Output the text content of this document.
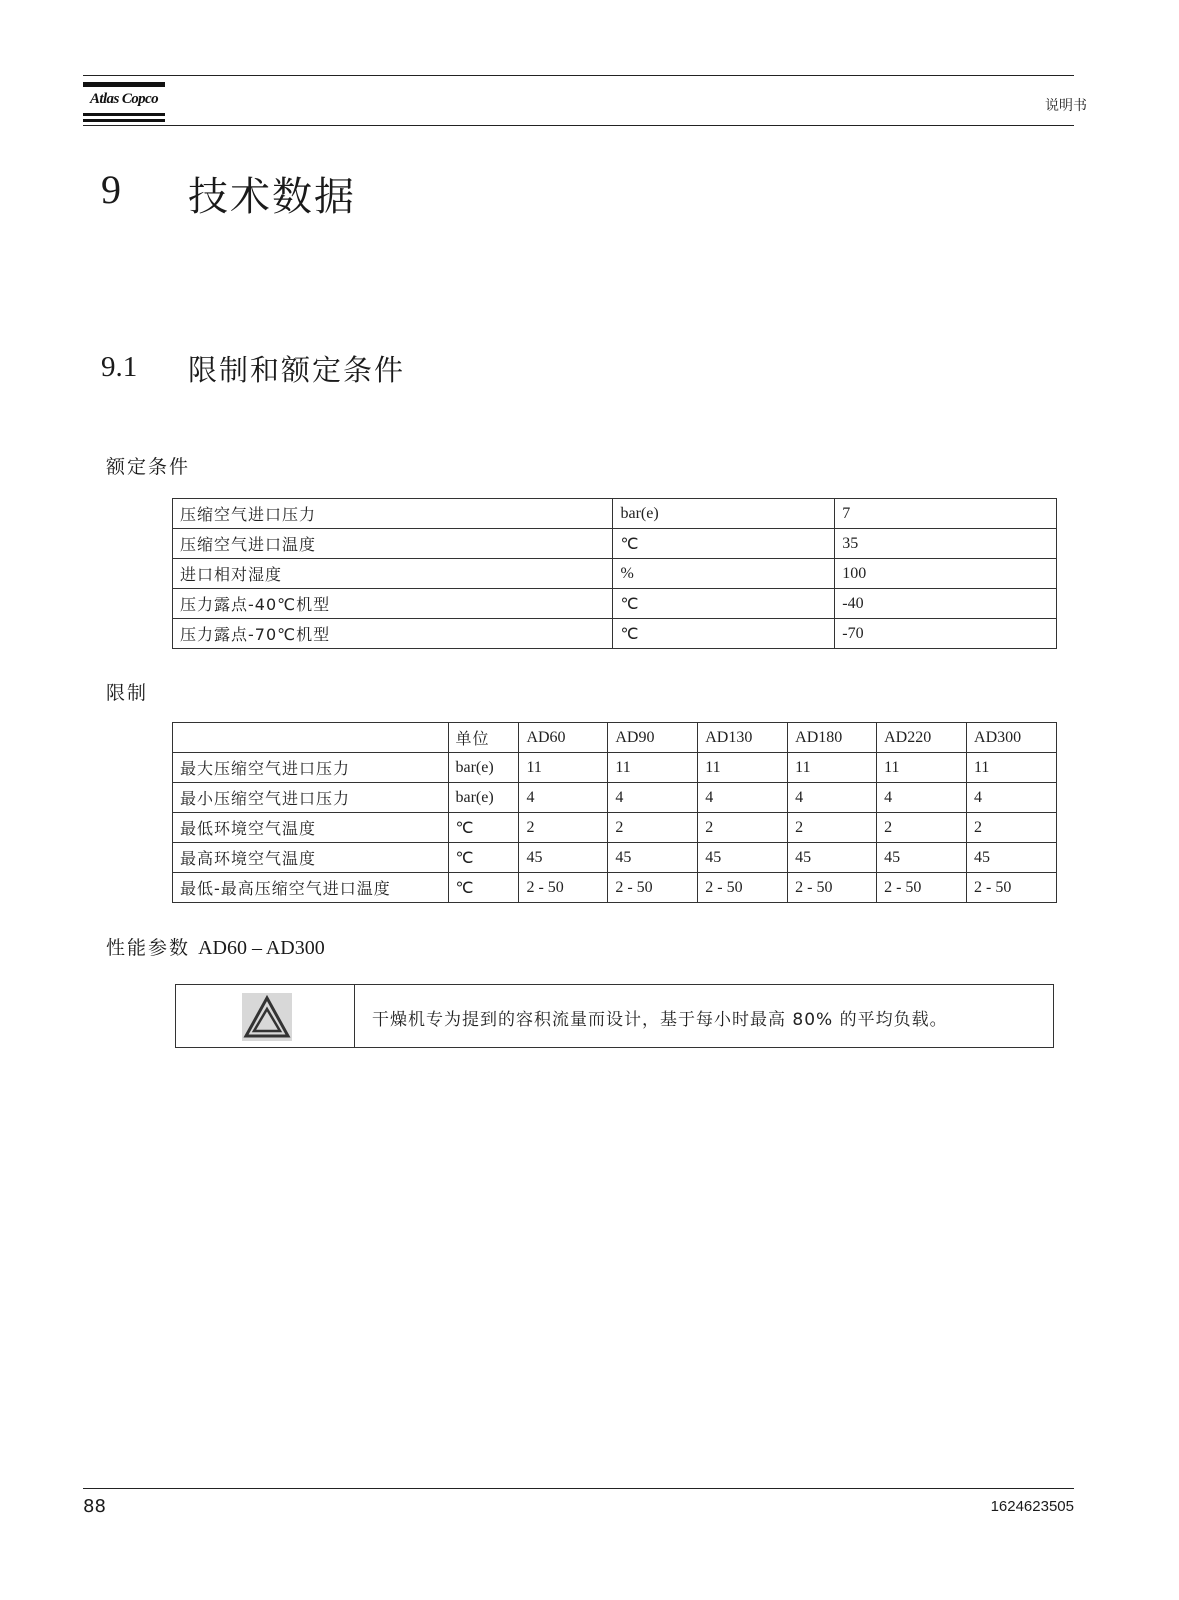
Atlas Copco	说明书
9 技术数据
9.1 限制和额定条件
额定条件
压缩空气进口压力	bar(e)	7
压缩空气进口温度	℃	35
进口相对湿度	%	100
压力露点-40℃机型	℃	-40
压力露点-70℃机型	℃	-70
限制
	单位	AD60	AD90	AD130	AD180	AD220	AD300
最大压缩空气进口压力	bar(e)	11	11	11	11	11	11
最小压缩空气进口压力	bar(e)	4	4	4	4	4	4
最低环境空气温度	℃	2	2	2	2	2	2
最高环境空气温度	℃	45	45	45	45	45	45
最低-最高压缩空气进口温度	℃	2 - 50	2 - 50	2 - 50	2 - 50	2 - 50	2 - 50
性能参数 AD60 – AD300
干燥机专为提到的容积流量而设计，基于每小时最高 80% 的平均负载。
88	1624623505
